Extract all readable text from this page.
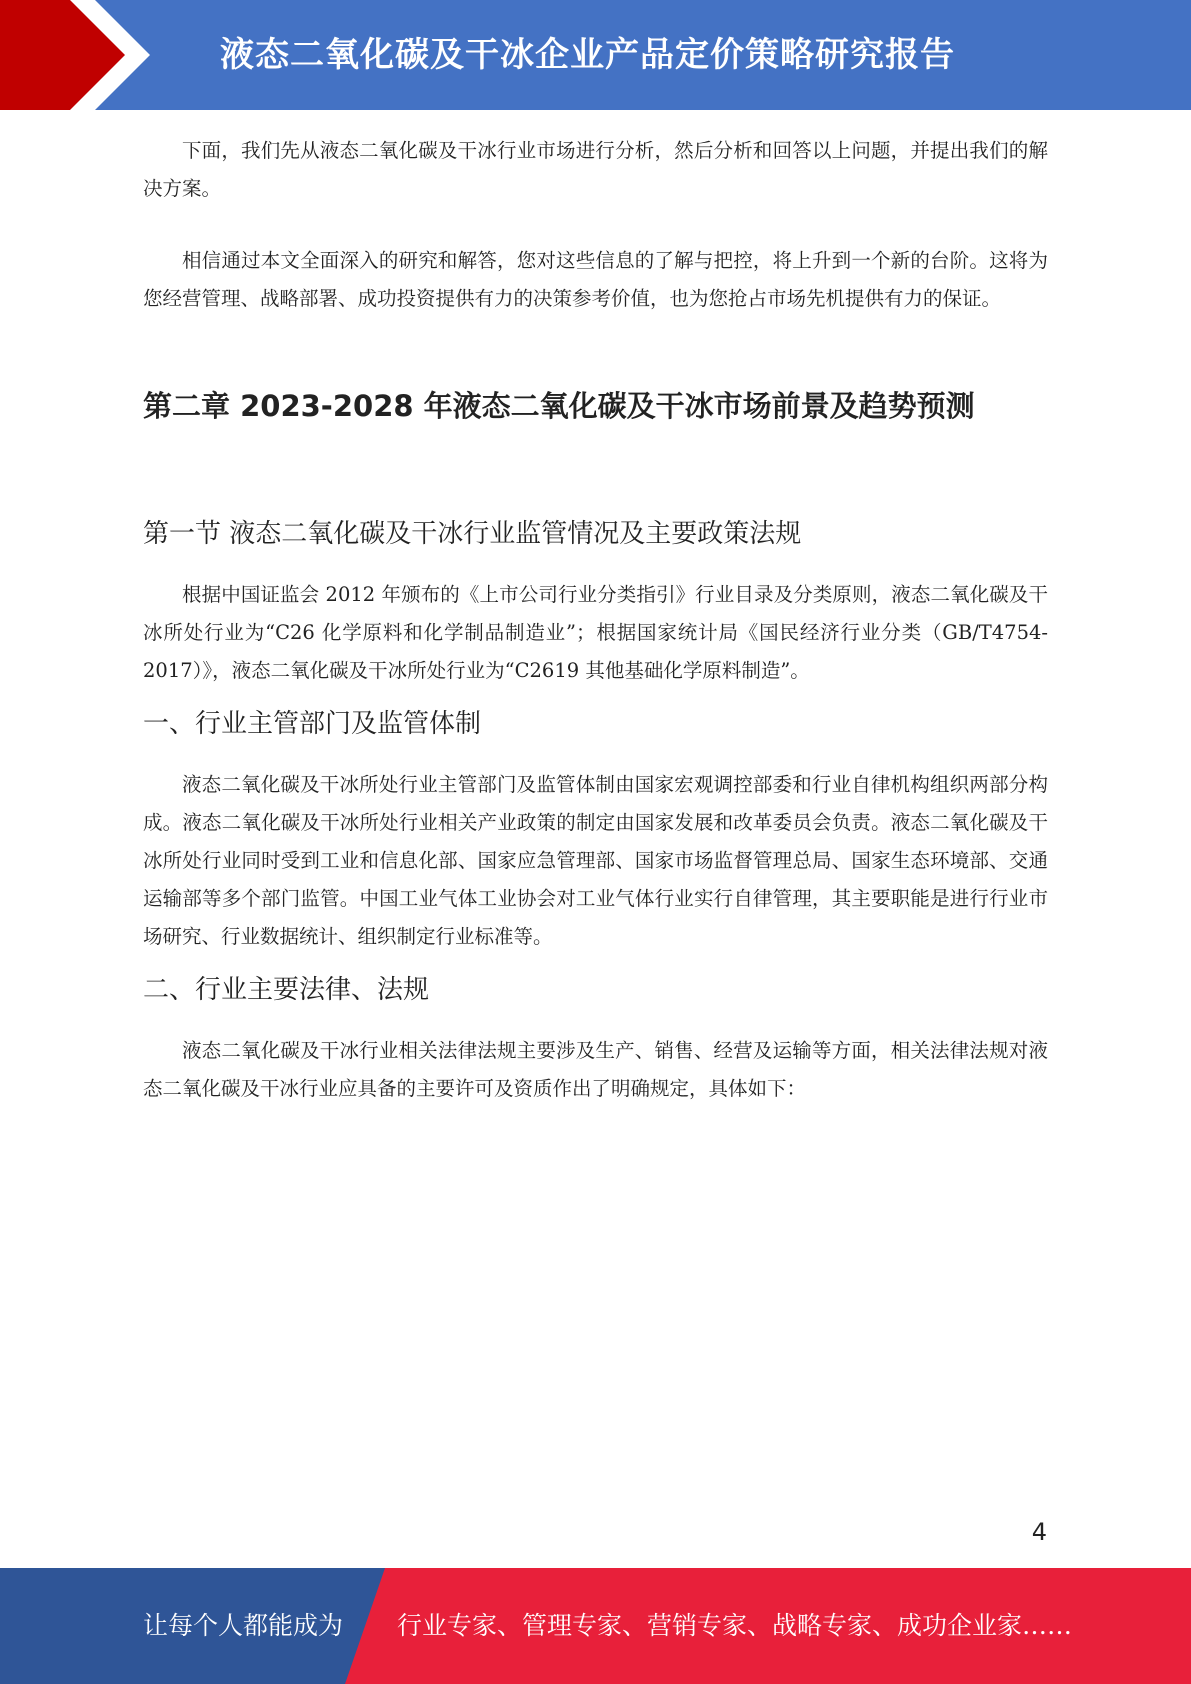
液态二氧化碳及干冰企业产品定价策略研究报告

下面，我们先从液态二氧化碳及干冰行业市场进行分析，然后分析和回答以上问题，并提出我们的解决方案。

相信通过本文全面深入的研究和解答，您对这些信息的了解与把控，将上升到一个新的台阶。这将为您经营管理、战略部署、成功投资提供有力的决策参考价值，也为您抢占市场先机提供有力的保证。

第二章 2023-2028 年液态二氧化碳及干冰市场前景及趋势预测
第一节 液态二氧化碳及干冰行业监管情况及主要政策法规

根据中国证监会 2012 年颁布的《上市公司行业分类指引》行业目录及分类原则，液态二氧化碳及干冰所处行业为“C26 化学原料和化学制品制造业”；根据国家统计局《国民经济行业分类（GB/T4754-2017）》，液态二氧化碳及干冰所处行业为“C2619 其他基础化学原料制造”。

一、行业主管部门及监管体制

液态二氧化碳及干冰所处行业主管部门及监管体制由国家宏观调控部委和行业自律机构组织两部分构成。液态二氧化碳及干冰所处行业相关产业政策的制定由国家发展和改革委员会负责。液态二氧化碳及干冰所处行业同时受到工业和信息化部、国家应急管理部、国家市场监督管理总局、国家生态环境部、交通运输部等多个部门监管。中国工业气体工业协会对工业气体行业实行自律管理，其主要职能是进行行业市场研究、行业数据统计、组织制定行业标准等。

二、行业主要法律、法规

液态二氧化碳及干冰行业相关法律法规主要涉及生产、销售、经营及运输等方面，相关法律法规对液态二氧化碳及干冰行业应具备的主要许可及资质作出了明确规定，具体如下：

4
让每个人都能成为 行业专家、管理专家、营销专家、战略专家、成功企业家……
